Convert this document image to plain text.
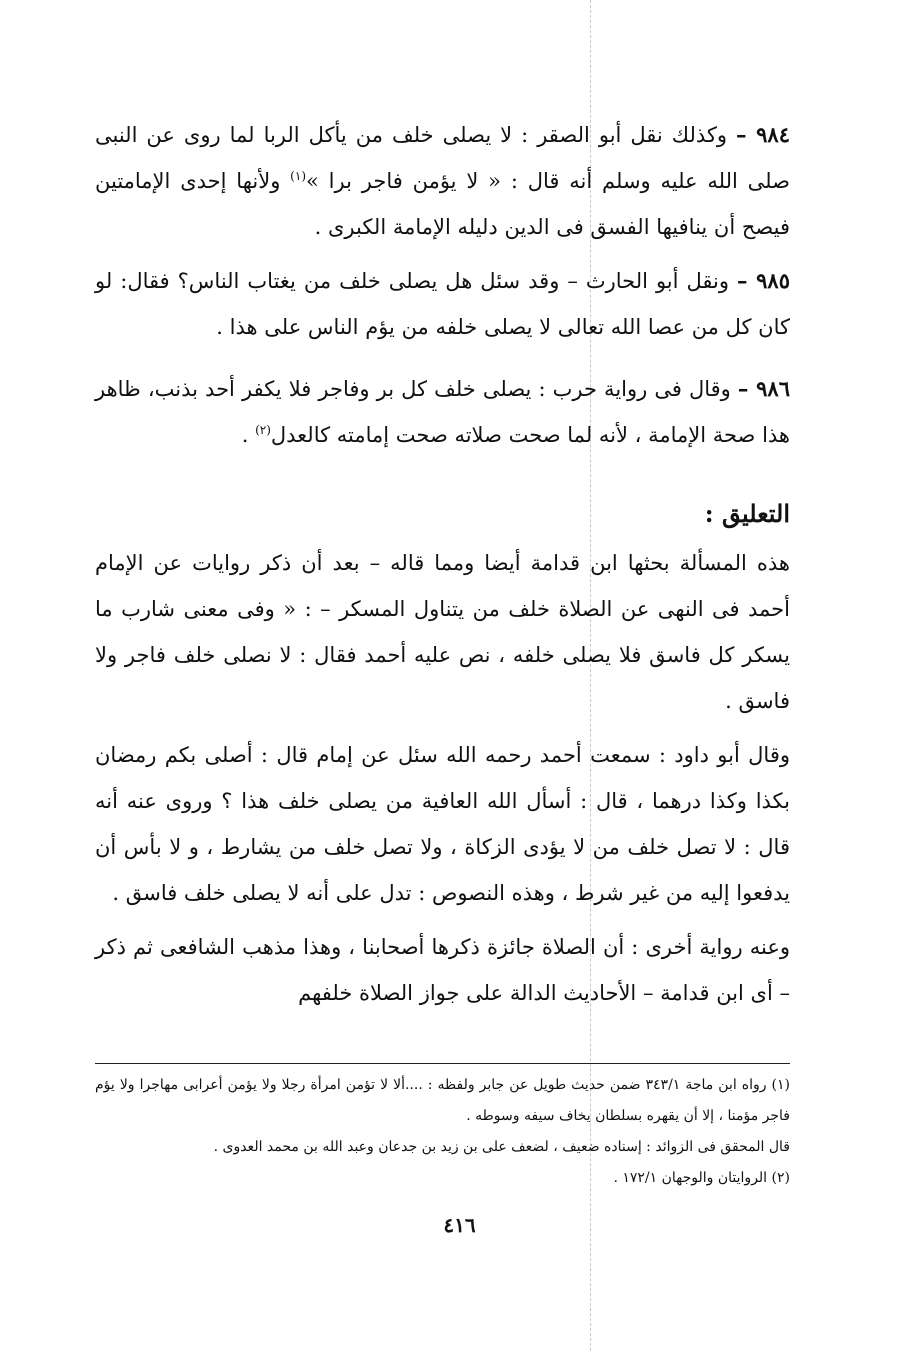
٩٨٤ – وكذلك نقل أبو الصقر : لا يصلى خلف من يأكل الربا لما روى عن النبى صلى الله عليه وسلم أنه قال : « لا يؤمن فاجر برا »$^{(١)}$ ولأنها إحدى الإمامتين فيصح أن ينافيها الفسق فى الدين دليله الإمامة الكبرى .

٩٨٥ – ونقل أبو الحارث – وقد سئل هل يصلى خلف من يغتاب الناس؟ فقال: لو كان كل من عصا الله تعالى لا يصلى خلفه من يؤم الناس على هذا .

٩٨٦ – وقال فى رواية حرب : يصلى خلف كل بر وفاجر فلا يكفر أحد بذنب، ظاهر هذا صحة الإمامة ، لأنه لما صحت صلاته صحت إمامته كالعدل$^{(٢)}$ .

التعليق :

هذه المسألة بحثها ابن قدامة أيضا ومما قاله – بعد أن ذكر روايات عن الإمام أحمد فى النهى عن الصلاة خلف من يتناول المسكر – : « وفى معنى شارب ما يسكر كل فاسق فلا يصلى خلفه ، نص عليه أحمد فقال : لا نصلى خلف فاجر ولا فاسق .

وقال أبو داود : سمعت أحمد رحمه الله سئل عن إمام قال : أصلى بكم رمضان بكذا وكذا درهما ، قال : أسأل الله العافية من يصلى خلف هذا ؟ وروى عنه أنه قال : لا تصل خلف من لا يؤدى الزكاة ، ولا تصل خلف من يشارط ، و لا بأس أن يدفعوا إليه من غير شرط ، وهذه النصوص : تدل على أنه لا يصلى خلف فاسق .

وعنه رواية أخرى : أن الصلاة جائزة ذكرها أصحابنا ، وهذا مذهب الشافعى ثم ذكر – أى ابن قدامة – الأحاديث الدالة على جواز الصلاة خلفهم

(١) رواه ابن ماجة ٣٤٣/١ ضمن حديث طويل عن جابر ولفظه : ....ألا لا تؤمن امرأة رجلا ولا يؤمن أعرابى مهاجرا ولا يؤم فاجر مؤمنا ، إلا أن يقهره بسلطان يخاف سيفه وسوطه .

قال المحقق فى الزوائد : إسناده ضعيف ، لضعف على بن زيد بن جدعان وعبد الله بن محمد العدوى .

(٢) الروايتان والوجهان ١٧٢/١ .

٤١٦
